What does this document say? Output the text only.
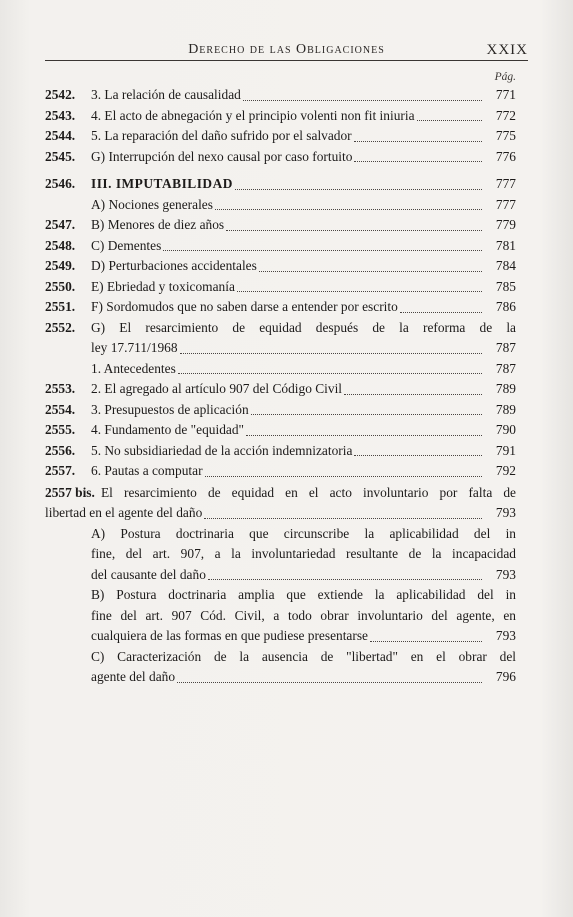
Derecho de las Obligaciones	XXIX
Pág.
2542.	3. La relación de causalidad	771
2543.	4. El acto de abnegación y el principio volenti non fit iniuria	772
2544.	5. La reparación del daño sufrido por el salvador	775
2545.	G) Interrupción del nexo causal por caso fortuito	776
2546.	III. IMPUTABILIDAD	777
A) Nociones generales	777
2547.	B) Menores de diez años	779
2548.	C) Dementes	781
2549.	D) Perturbaciones accidentales	784
2550.	E) Ebriedad y toxicomanía	785
2551.	F) Sordomudos que no saben darse a entender por escrito	786
2552.	G) El resarcimiento de equidad después de la reforma de la
ley 17.711/1968	787
1. Antecedentes	787
2553.	2. El agregado al artículo 907 del Código Civil	789
2554.	3. Presupuestos de aplicación	789
2555.	4. Fundamento de "equidad"	790
2556.	5. No subsidiariedad de la acción indemnizatoria	791
2557.	6. Pautas a computar	792
2557 bis. El resarcimiento de equidad en el acto involuntario por falta de
libertad en el agente del daño	793
A) Postura doctrinaria que circunscribe la aplicabilidad del in
fine, del art. 907, a la involuntariedad resultante de la incapacidad
del causante del daño	793
B) Postura doctrinaria amplia que extiende la aplicabilidad del in
fine del art. 907 Cód. Civil, a todo obrar involuntario del agente, en
cualquiera de las formas en que pudiese presentarse	793
C) Caracterización de la ausencia de "libertad" en el obrar del
agente del daño	796
